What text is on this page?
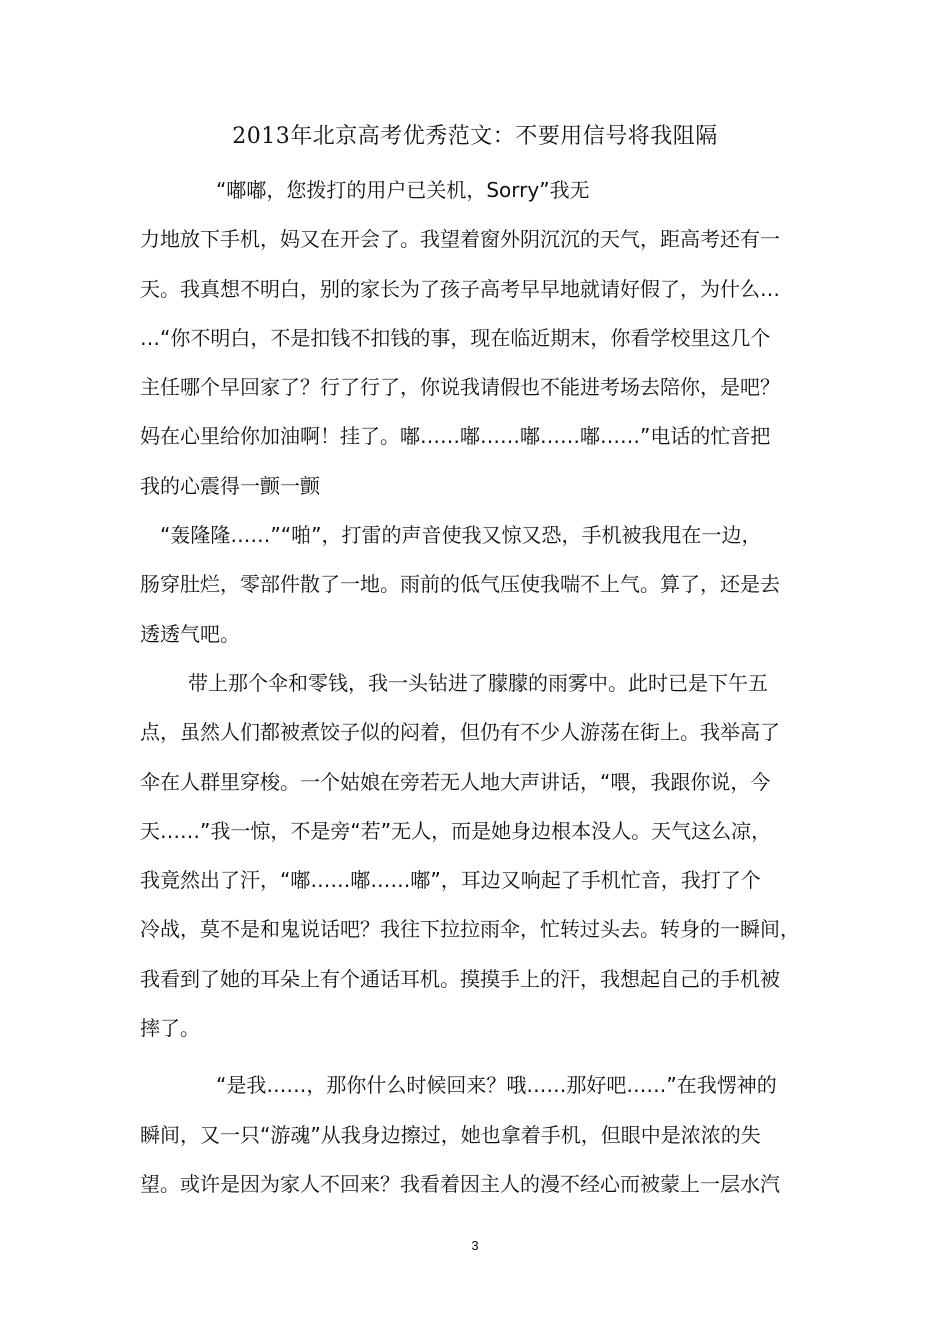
2013年北京高考优秀范文：不要用信号将我阻隔
“嘟嘟，您拨打的用户已关机，Sorry”我无
力地放下手机，妈又在开会了。我望着窗外阴沉沉的天气，距高考还有一
天。我真想不明白，别的家长为了孩子高考早早地就请好假了，为什么…
…“你不明白，不是扣钱不扣钱的事，现在临近期末，你看学校里这几个
主任哪个早回家了？行了行了，你说我请假也不能进考场去陪你，是吧？
妈在心里给你加油啊！挂了。嘟……嘟……嘟……嘟……”电话的忙音把
我的心震得一颤一颤
“轰隆隆……”“啪”，打雷的声音使我又惊又恐，手机被我甩在一边，
肠穿肚烂，零部件散了一地。雨前的低气压使我喘不上气。算了，还是去
透透气吧。
带上那个伞和零钱，我一头钻进了朦朦的雨雾中。此时已是下午五
点，虽然人们都被煮饺子似的闷着，但仍有不少人游荡在街上。我举高了
伞在人群里穿梭。一个姑娘在旁若无人地大声讲话，“喂，我跟你说，今
天……”我一惊，不是旁“若”无人，而是她身边根本没人。天气这么凉，
我竟然出了汗，“嘟……嘟……嘟”，耳边又响起了手机忙音，我打了个
冷战，莫不是和鬼说话吧？我往下拉拉雨伞，忙转过头去。转身的一瞬间，
我看到了她的耳朵上有个通话耳机。摸摸手上的汗，我想起自己的手机被
摔了。
“是我……，那你什么时候回来？哦……那好吧……”在我愣神的
瞬间，又一只“游魂”从我身边擦过，她也拿着手机，但眼中是浓浓的失
望。或许是因为家人不回来？我看着因主人的漫不经心而被蒙上一层水汽
3
